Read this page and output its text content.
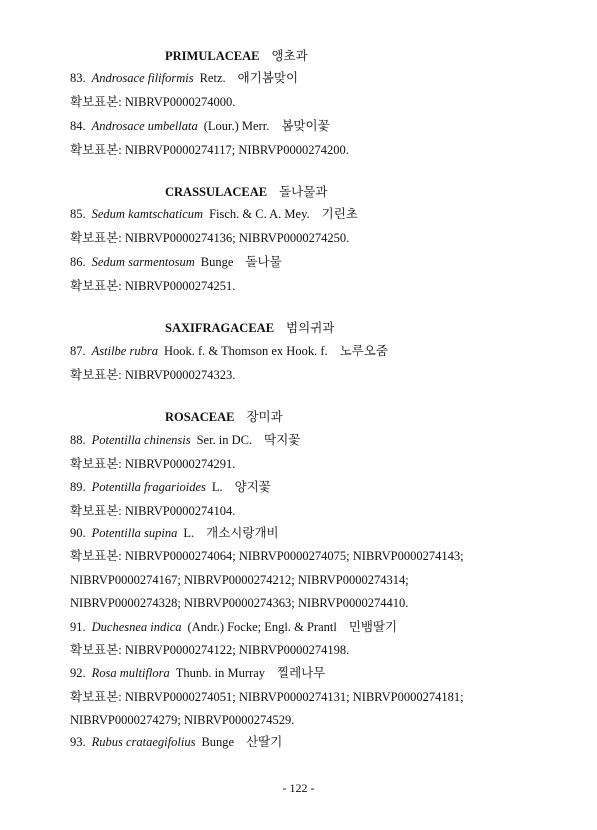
PRIMULACEAE 앵초과
83. Androsace filiformis Retz. 애기봄맞이
확보표본: NIBRVP0000274000.
84. Androsace umbellata (Lour.) Merr. 봄맞이꽃
확보표본: NIBRVP0000274117; NIBRVP0000274200.
CRASSULACEAE 돌나물과
85. Sedum kamtschaticum Fisch. & C. A. Mey. 기린초
확보표본: NIBRVP0000274136; NIBRVP0000274250.
86. Sedum sarmentosum Bunge 돌나물
확보표본: NIBRVP0000274251.
SAXIFRAGACEAE 범의귀과
87. Astilbe rubra Hook. f. & Thomson ex Hook. f. 노루오줌
확보표본: NIBRVP0000274323.
ROSACEAE 장미과
88. Potentilla chinensis Ser. in DC. 딱지꽃
확보표본: NIBRVP0000274291.
89. Potentilla fragarioides L. 양지꽃
확보표본: NIBRVP0000274104.
90. Potentilla supina L. 개소시랑개비
확보표본: NIBRVP0000274064; NIBRVP0000274075; NIBRVP0000274143;
NIBRVP0000274167; NIBRVP0000274212; NIBRVP0000274314;
NIBRVP0000274328; NIBRVP0000274363; NIBRVP0000274410.
91. Duchesnea indica (Andr.) Focke; Engl. & Prantl 민뱀딸기
확보표본: NIBRVP0000274122; NIBRVP0000274198.
92. Rosa multiflora Thunb. in Murray 찔레나무
확보표본: NIBRVP0000274051; NIBRVP0000274131; NIBRVP0000274181;
NIBRVP0000274279; NIBRVP0000274529.
93. Rubus crataegifolius Bunge 산딸기
- 122 -
